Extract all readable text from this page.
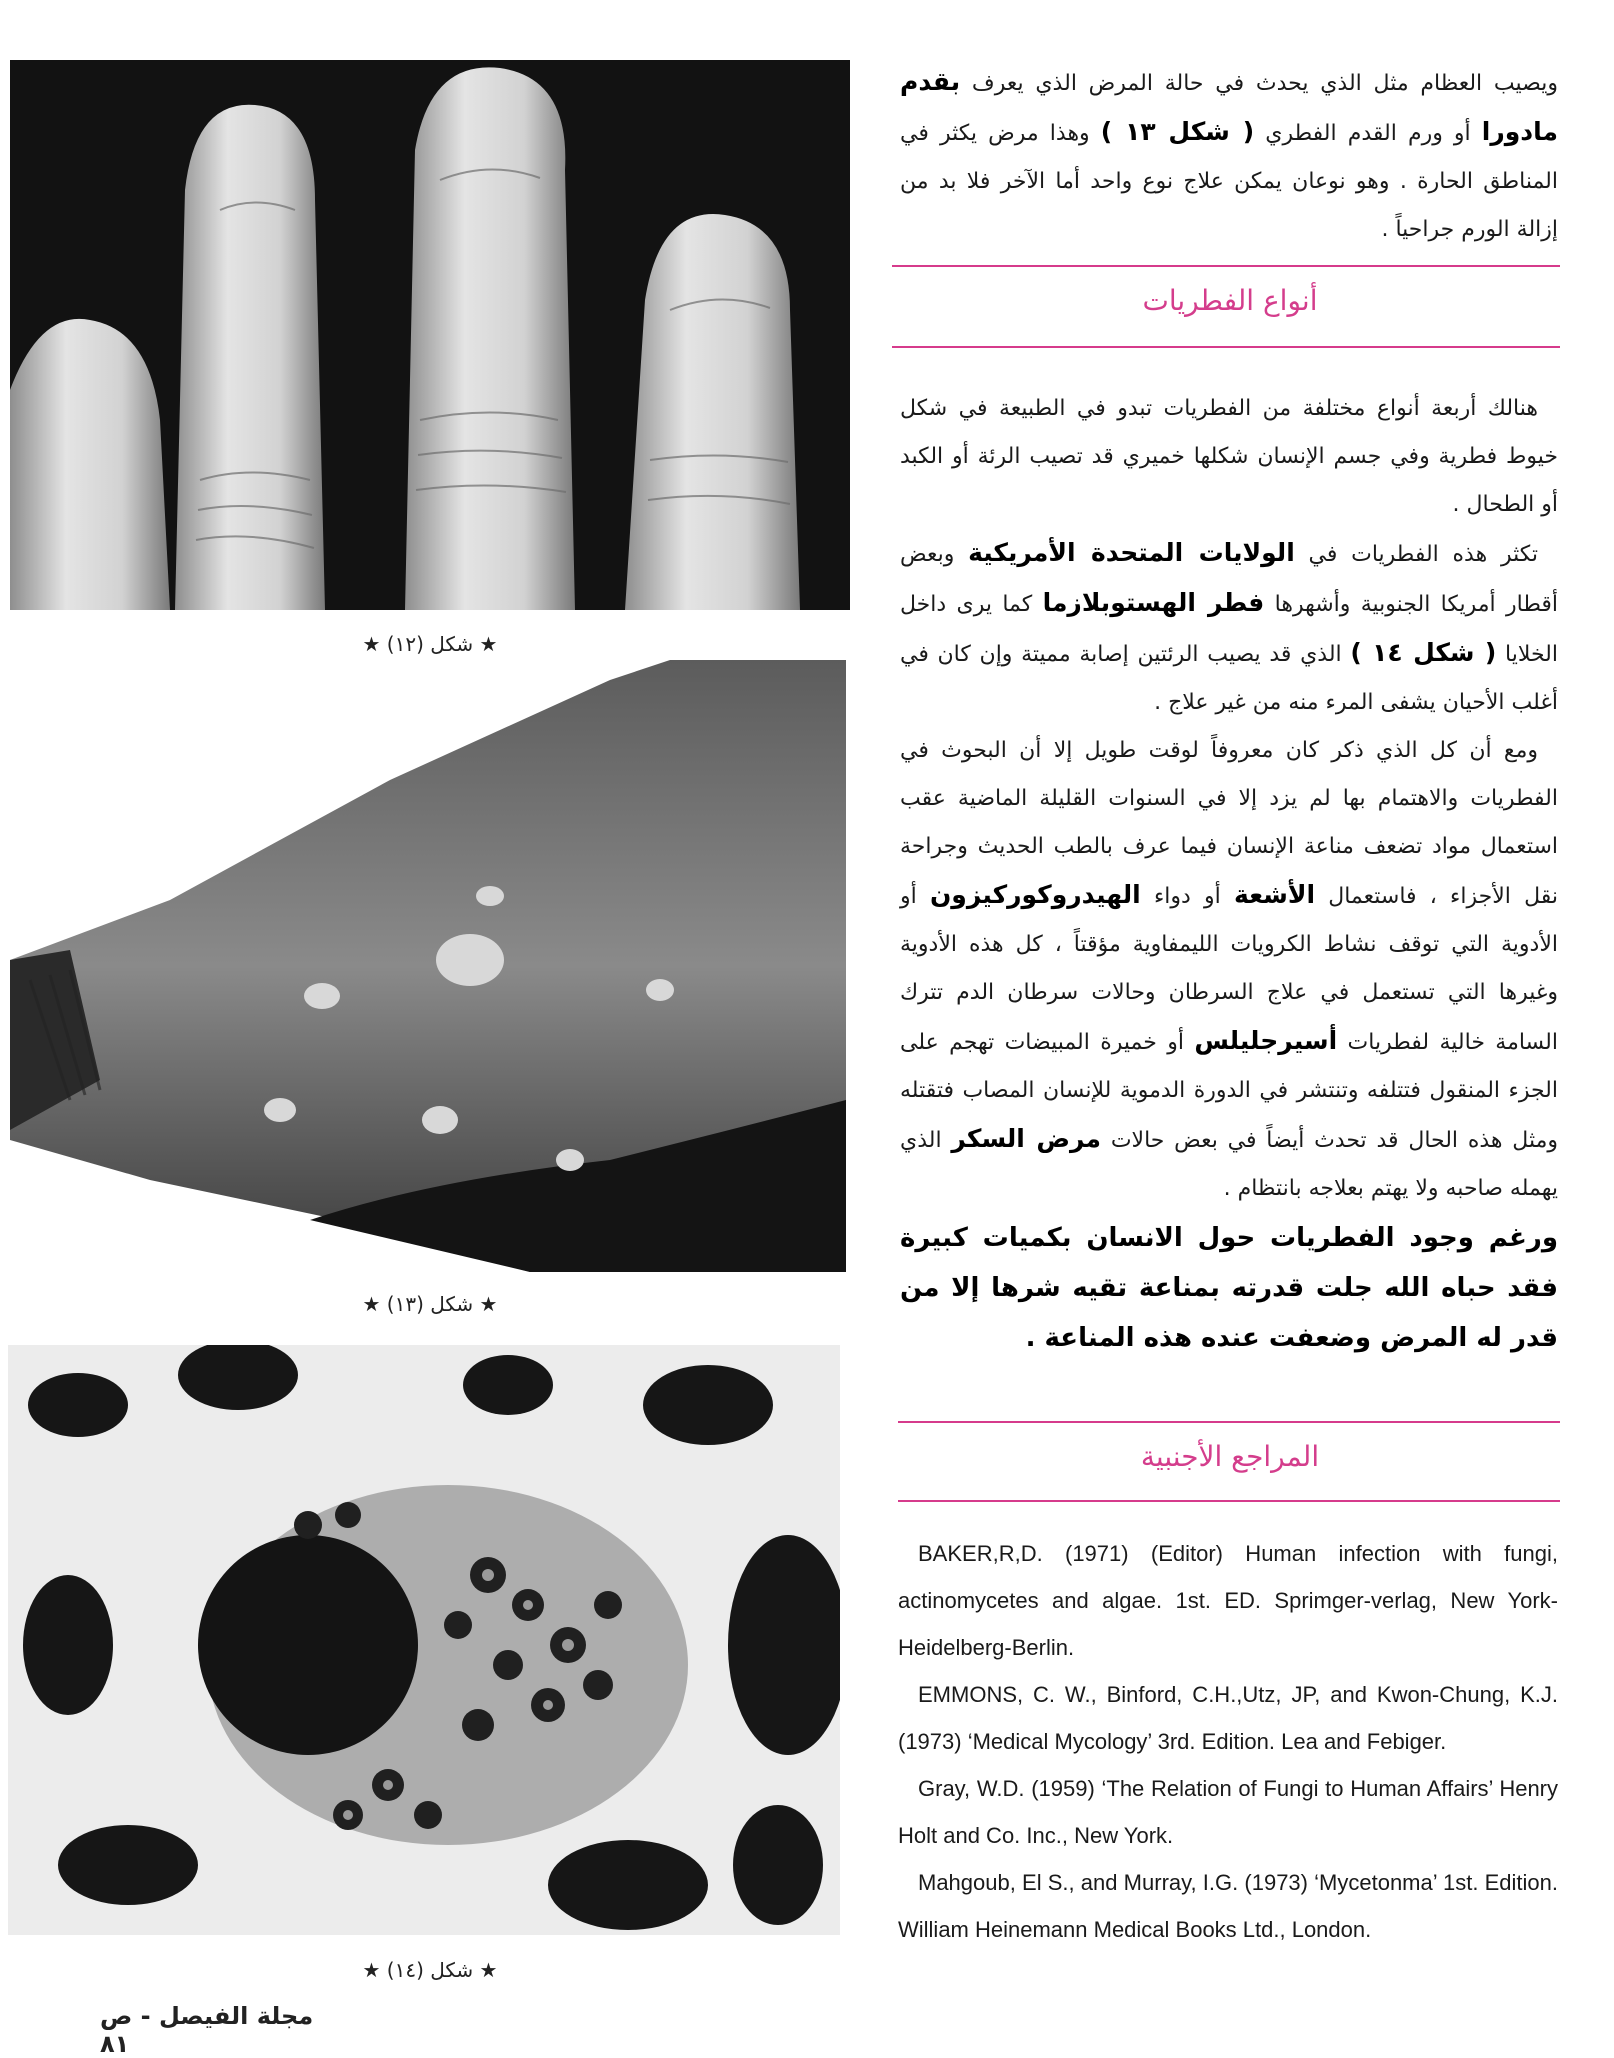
★ شكل (١٢) ★
★ شكل (١٣) ★
★ شكل (١٤) ★
مجلة الفيصل - ص ٨١

ويصيب العظام مثل الذي يحدث في حالة المرض الذي يعرف بقدم مادورا أو ورم القدم الفطري ( شكل ١٣ ) وهذا مرض يكثر في المناطق الحارة . وهو نوعان يمكن علاج نوع واحد أما الآخر فلا بد من إزالة الورم جراحياً .

أنواع الفطريات

هنالك أربعة أنواع مختلفة من الفطريات تبدو في الطبيعة في شكل خيوط فطرية وفي جسم الإنسان شكلها خميري قد تصيب الرئة أو الكبد أو الطحال .

تكثر هذه الفطريات في الولايات المتحدة الأمريكية وبعض أقطار أمريكا الجنوبية وأشهرها فطر الهستوبلازما كما يرى داخل الخلايا ( شكل ١٤ ) الذي قد يصيب الرئتين إصابة مميتة وإن كان في أغلب الأحيان يشفى المرء منه من غير علاج .

ومع أن كل الذي ذكر كان معروفاً لوقت طويل إلا أن البحوث في الفطريات والاهتمام بها لم يزد إلا في السنوات القليلة الماضية عقب استعمال مواد تضعف مناعة الإنسان فيما عرف بالطب الحديث وجراحة نقل الأجزاء ، فاستعمال الأشعة أو دواء الهيدروكوركيزون أو الأدوية التي توقف نشاط الكرويات الليمفاوية مؤقتاً ، كل هذه الأدوية وغيرها التي تستعمل في علاج السرطان وحالات سرطان الدم تترك السامة خالية لفطريات أسيرجليلس أو خميرة المبيضات تهجم على الجزء المنقول فتتلفه وتنتشر في الدورة الدموية للإنسان المصاب فتقتله ومثل هذه الحال قد تحدث أيضاً في بعض حالات مرض السكر الذي يهمله صاحبه ولا يهتم بعلاجه بانتظام .

ورغم وجود الفطريات حول الانسان بكميات كبيرة فقد حباه الله جلت قدرته بمناعة تقيه شرها إلا من قدر له المرض وضعفت عنده هذه المناعة .

المراجع الأجنبية

BAKER,R,D. (1971) (Editor) Human infection with fungi, actinomycetes and algae. 1st. ED. Sprimger-verlag, New York-Heidelberg-Berlin.

EMMONS, C. W., Binford, C.H.,Utz, JP, and Kwon-Chung, K.J. (1973) ‘Medical Mycology’ 3rd. Edition. Lea and Febiger.

Gray, W.D. (1959) ‘The Relation of Fungi to Human Affairs’ Henry Holt and Co. Inc., New York.

Mahgoub, El S., and Murray, I.G. (1973) ‘Mycetonma’ 1st. Edition. William Heinemann Medical Books Ltd., London.
